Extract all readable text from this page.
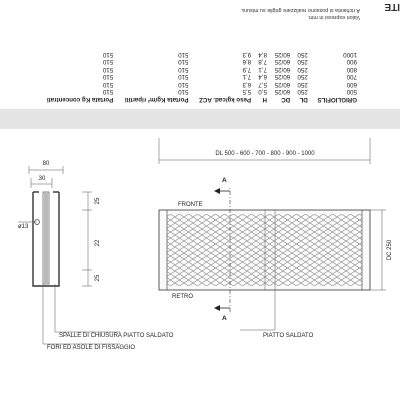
DL 500 - 600 - 700 - 800 - 900 - 1000
A
A
FRONTE
RETRO
DC 250
PIATTO SALDATO
30
80
ø13
25
22
25
SPALLE DI CHIUSURA PIATTO SALDATO
FORI ED ASOLE DI FISSAGGIO
GRIGLIOFILS	DL	DC	H	Peso kg/cad. ACZ	Portata Kg/m² ripartiti	Portata Kg concentrati
500	250	60/25	5,0	5,5	510	510
600	250	60/25	5,7	6,3	510	510
700	250	60/25	6,4	7,1	510	510
800	250	60/25	7,1	7,9	510	510
900	250	60/25	7,8	8,6	510	510
1000	250	60/25	8,4	9,3	510	510
Valori espressi in mm.
A richiesta si possono realizzare griglie su misura. ITE
